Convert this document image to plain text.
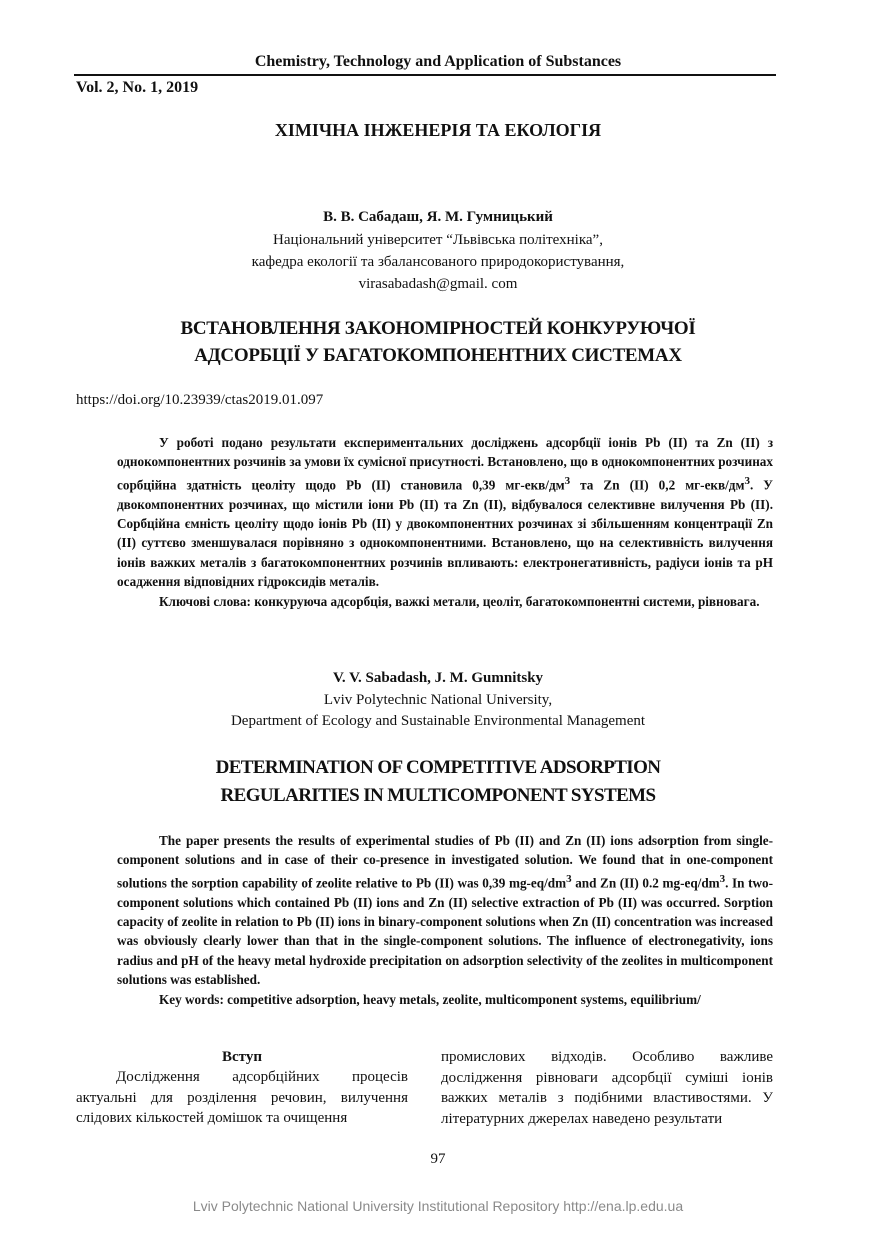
Chemistry, Technology and Application of Substances
Vol. 2, No. 1, 2019
ХІМІЧНА ІНЖЕНЕРІЯ ТА ЕКОЛОГІЯ
В. В. Сабадаш, Я. М. Гумницький
Національний університет “Львівська політехніка”,
кафедра екології та збалансованого природокористування,
virasabadash@gmail. com
ВСТАНОВЛЕННЯ ЗАКОНОМІРНОСТЕЙ КОНКУРУЮЧОЇ
АДСОРБЦІЇ У БАГАТОКОМПОНЕНТНИХ СИСТЕМАХ
https://doi.org/10.23939/ctas2019.01.097

У роботі подано результати експериментальних досліджень адсорбції іонів Pb (II) та Zn (II) з однокомпонентних розчинів за умови їх сумісної присутності. Встановлено, що в однокомпонентних розчинах сорбційна здатність цеоліту щодо Pb (II) становила 0,39 $мг-екв/дм^3$ та Zn (II) 0,2 $мг-екв/дм^3$. У двокомпонентних розчинах, що містили іони Pb (II) та Zn (II), відбувалося селективне вилучення Pb (II). Сорбційна ємність цеоліту щодо іонів Pb (II) у двокомпонентних розчинах зі збільшенням концентрації Zn (II) суттєво зменшувалася порівняно з однокомпонентними. Встановлено, що на селективність вилучення іонів важких металів з багатокомпонентних розчинів впливають: електронегативність, радіуси іонів та pH осадження відповідних гідроксидів металів.

Ключові слова: конкуруюча адсорбція, важкі метали, цеоліт, багатокомпонентні системи, рівновага.

V. V. Sabadash, J. M. Gumnitsky
Lviv Polytechnic National University,
Department of Ecology and Sustainable Environmental Management
DETERMINATION OF COMPETITIVE ADSORPTION
REGULARITIES IN MULTICOMPONENT SYSTEMS

The paper presents the results of experimental studies of Pb (II) and Zn (II) ions adsorption from single-component solutions and in case of their co-presence in investigated solution. We found that in one-component solutions the sorption capability of zeolite relative to Pb (II) was 0,39 $mg-eq/dm^3$ and Zn (II) 0.2 $mg-eq/dm^3$. In two-component solutions which contained Pb (II) ions and Zn (II) selective extraction of Pb (II) was occurred. Sorption capacity of zeolite in relation to Pb (II) ions in binary-component solutions when Zn (II) concentration was increased was obviously clearly lower than that in the single-component solutions. The influence of electronegativity, ions radius and pH of the heavy metal hydroxide precipitation on adsorption selectivity of the zeolites in multicomponent solutions was established.

Key words: competitive adsorption, heavy metals, zeolite, multicomponent systems, equilibrium/

Вступ

Дослідження адсорбційних процесів актуальні для розділення речовин, вилучення слідових кількостей домішок та очищення

промислових відходів. Особливо важливе дослідження рівноваги адсорбції суміші іонів важких металів з подібними властивостями. У літературних джерелах наведено результати

97
Lviv Polytechnic National University Institutional Repository http://ena.lp.edu.ua
